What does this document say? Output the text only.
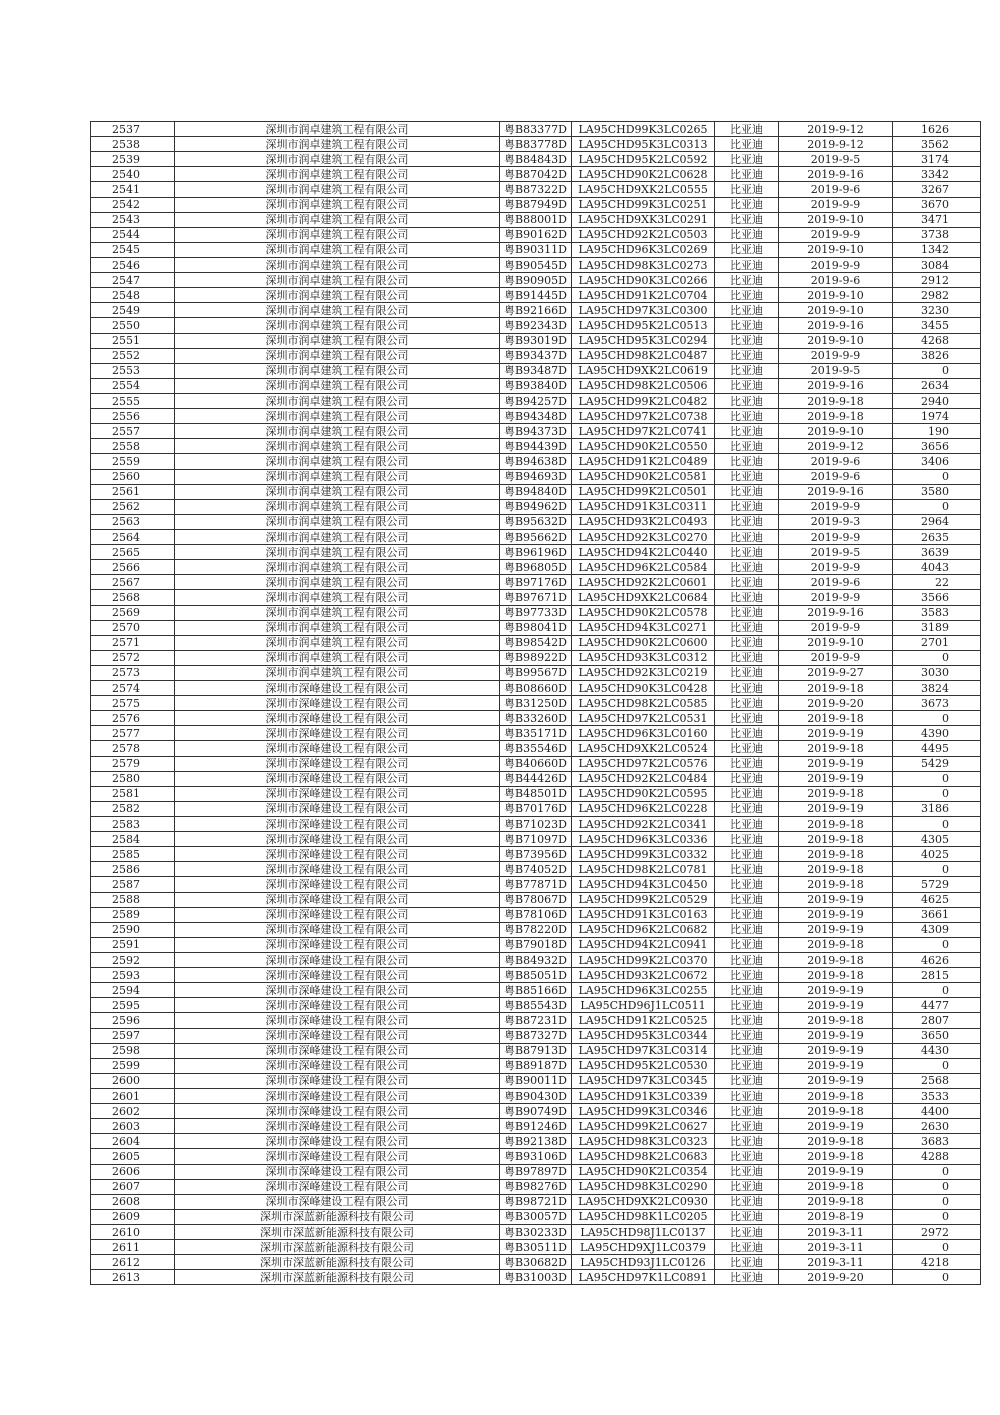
2537	深圳市润卓建筑工程有限公司	粤B83377D	LA95CHD99K3LC0265	比亚迪	2019-9-12	1626
2538	深圳市润卓建筑工程有限公司	粤B83778D	LA95CHD95K3LC0313	比亚迪	2019-9-12	3562
2539	深圳市润卓建筑工程有限公司	粤B84843D	LA95CHD95K2LC0592	比亚迪	2019-9-5	3174
2540	深圳市润卓建筑工程有限公司	粤B87042D	LA95CHD90K2LC0628	比亚迪	2019-9-16	3342
2541	深圳市润卓建筑工程有限公司	粤B87322D	LA95CHD9XK2LC0555	比亚迪	2019-9-6	3267
2542	深圳市润卓建筑工程有限公司	粤B87949D	LA95CHD99K3LC0251	比亚迪	2019-9-9	3670
2543	深圳市润卓建筑工程有限公司	粤B88001D	LA95CHD9XK3LC0291	比亚迪	2019-9-10	3471
2544	深圳市润卓建筑工程有限公司	粤B90162D	LA95CHD92K2LC0503	比亚迪	2019-9-9	3738
2545	深圳市润卓建筑工程有限公司	粤B90311D	LA95CHD96K3LC0269	比亚迪	2019-9-10	1342
2546	深圳市润卓建筑工程有限公司	粤B90545D	LA95CHD98K3LC0273	比亚迪	2019-9-9	3084
2547	深圳市润卓建筑工程有限公司	粤B90905D	LA95CHD90K3LC0266	比亚迪	2019-9-6	2912
2548	深圳市润卓建筑工程有限公司	粤B91445D	LA95CHD91K2LC0704	比亚迪	2019-9-10	2982
2549	深圳市润卓建筑工程有限公司	粤B92166D	LA95CHD97K3LC0300	比亚迪	2019-9-10	3230
2550	深圳市润卓建筑工程有限公司	粤B92343D	LA95CHD95K2LC0513	比亚迪	2019-9-16	3455
2551	深圳市润卓建筑工程有限公司	粤B93019D	LA95CHD95K3LC0294	比亚迪	2019-9-10	4268
2552	深圳市润卓建筑工程有限公司	粤B93437D	LA95CHD98K2LC0487	比亚迪	2019-9-9	3826
2553	深圳市润卓建筑工程有限公司	粤B93487D	LA95CHD9XK2LC0619	比亚迪	2019-9-5	0
2554	深圳市润卓建筑工程有限公司	粤B93840D	LA95CHD98K2LC0506	比亚迪	2019-9-16	2634
2555	深圳市润卓建筑工程有限公司	粤B94257D	LA95CHD99K2LC0482	比亚迪	2019-9-18	2940
2556	深圳市润卓建筑工程有限公司	粤B94348D	LA95CHD97K2LC0738	比亚迪	2019-9-18	1974
2557	深圳市润卓建筑工程有限公司	粤B94373D	LA95CHD97K2LC0741	比亚迪	2019-9-10	190
2558	深圳市润卓建筑工程有限公司	粤B94439D	LA95CHD90K2LC0550	比亚迪	2019-9-12	3656
2559	深圳市润卓建筑工程有限公司	粤B94638D	LA95CHD91K2LC0489	比亚迪	2019-9-6	3406
2560	深圳市润卓建筑工程有限公司	粤B94693D	LA95CHD90K2LC0581	比亚迪	2019-9-6	0
2561	深圳市润卓建筑工程有限公司	粤B94840D	LA95CHD99K2LC0501	比亚迪	2019-9-16	3580
2562	深圳市润卓建筑工程有限公司	粤B94962D	LA95CHD91K3LC0311	比亚迪	2019-9-9	0
2563	深圳市润卓建筑工程有限公司	粤B95632D	LA95CHD93K2LC0493	比亚迪	2019-9-3	2964
2564	深圳市润卓建筑工程有限公司	粤B95662D	LA95CHD92K3LC0270	比亚迪	2019-9-9	2635
2565	深圳市润卓建筑工程有限公司	粤B96196D	LA95CHD94K2LC0440	比亚迪	2019-9-5	3639
2566	深圳市润卓建筑工程有限公司	粤B96805D	LA95CHD96K2LC0584	比亚迪	2019-9-9	4043
2567	深圳市润卓建筑工程有限公司	粤B97176D	LA95CHD92K2LC0601	比亚迪	2019-9-6	22
2568	深圳市润卓建筑工程有限公司	粤B97671D	LA95CHD9XK2LC0684	比亚迪	2019-9-9	3566
2569	深圳市润卓建筑工程有限公司	粤B97733D	LA95CHD90K2LC0578	比亚迪	2019-9-16	3583
2570	深圳市润卓建筑工程有限公司	粤B98041D	LA95CHD94K3LC0271	比亚迪	2019-9-9	3189
2571	深圳市润卓建筑工程有限公司	粤B98542D	LA95CHD90K2LC0600	比亚迪	2019-9-10	2701
2572	深圳市润卓建筑工程有限公司	粤B98922D	LA95CHD93K3LC0312	比亚迪	2019-9-9	0
2573	深圳市润卓建筑工程有限公司	粤B99567D	LA95CHD92K3LC0219	比亚迪	2019-9-27	3030
2574	深圳市深峰建设工程有限公司	粤B08660D	LA95CHD90K3LC0428	比亚迪	2019-9-18	3824
2575	深圳市深峰建设工程有限公司	粤B31250D	LA95CHD98K2LC0585	比亚迪	2019-9-20	3673
2576	深圳市深峰建设工程有限公司	粤B33260D	LA95CHD97K2LC0531	比亚迪	2019-9-18	0
2577	深圳市深峰建设工程有限公司	粤B35171D	LA95CHD96K3LC0160	比亚迪	2019-9-19	4390
2578	深圳市深峰建设工程有限公司	粤B35546D	LA95CHD9XK2LC0524	比亚迪	2019-9-18	4495
2579	深圳市深峰建设工程有限公司	粤B40660D	LA95CHD97K2LC0576	比亚迪	2019-9-19	5429
2580	深圳市深峰建设工程有限公司	粤B44426D	LA95CHD92K2LC0484	比亚迪	2019-9-19	0
2581	深圳市深峰建设工程有限公司	粤B48501D	LA95CHD90K2LC0595	比亚迪	2019-9-18	0
2582	深圳市深峰建设工程有限公司	粤B70176D	LA95CHD96K2LC0228	比亚迪	2019-9-19	3186
2583	深圳市深峰建设工程有限公司	粤B71023D	LA95CHD92K2LC0341	比亚迪	2019-9-18	0
2584	深圳市深峰建设工程有限公司	粤B71097D	LA95CHD96K3LC0336	比亚迪	2019-9-18	4305
2585	深圳市深峰建设工程有限公司	粤B73956D	LA95CHD99K3LC0332	比亚迪	2019-9-18	4025
2586	深圳市深峰建设工程有限公司	粤B74052D	LA95CHD98K2LC0781	比亚迪	2019-9-18	0
2587	深圳市深峰建设工程有限公司	粤B77871D	LA95CHD94K3LC0450	比亚迪	2019-9-18	5729
2588	深圳市深峰建设工程有限公司	粤B78067D	LA95CHD99K2LC0529	比亚迪	2019-9-19	4625
2589	深圳市深峰建设工程有限公司	粤B78106D	LA95CHD91K3LC0163	比亚迪	2019-9-19	3661
2590	深圳市深峰建设工程有限公司	粤B78220D	LA95CHD96K2LC0682	比亚迪	2019-9-19	4309
2591	深圳市深峰建设工程有限公司	粤B79018D	LA95CHD94K2LC0941	比亚迪	2019-9-18	0
2592	深圳市深峰建设工程有限公司	粤B84932D	LA95CHD99K2LC0370	比亚迪	2019-9-18	4626
2593	深圳市深峰建设工程有限公司	粤B85051D	LA95CHD93K2LC0672	比亚迪	2019-9-18	2815
2594	深圳市深峰建设工程有限公司	粤B85166D	LA95CHD96K3LC0255	比亚迪	2019-9-19	0
2595	深圳市深峰建设工程有限公司	粤B85543D	LA95CHD96J1LC0511	比亚迪	2019-9-19	4477
2596	深圳市深峰建设工程有限公司	粤B87231D	LA95CHD91K2LC0525	比亚迪	2019-9-18	2807
2597	深圳市深峰建设工程有限公司	粤B87327D	LA95CHD95K3LC0344	比亚迪	2019-9-19	3650
2598	深圳市深峰建设工程有限公司	粤B87913D	LA95CHD97K3LC0314	比亚迪	2019-9-19	4430
2599	深圳市深峰建设工程有限公司	粤B89187D	LA95CHD95K2LC0530	比亚迪	2019-9-19	0
2600	深圳市深峰建设工程有限公司	粤B90011D	LA95CHD97K3LC0345	比亚迪	2019-9-19	2568
2601	深圳市深峰建设工程有限公司	粤B90430D	LA95CHD91K3LC0339	比亚迪	2019-9-18	3533
2602	深圳市深峰建设工程有限公司	粤B90749D	LA95CHD99K3LC0346	比亚迪	2019-9-18	4400
2603	深圳市深峰建设工程有限公司	粤B91246D	LA95CHD99K2LC0627	比亚迪	2019-9-19	2630
2604	深圳市深峰建设工程有限公司	粤B92138D	LA95CHD98K3LC0323	比亚迪	2019-9-18	3683
2605	深圳市深峰建设工程有限公司	粤B93106D	LA95CHD98K2LC0683	比亚迪	2019-9-18	4288
2606	深圳市深峰建设工程有限公司	粤B97897D	LA95CHD90K2LC0354	比亚迪	2019-9-19	0
2607	深圳市深峰建设工程有限公司	粤B98276D	LA95CHD98K3LC0290	比亚迪	2019-9-18	0
2608	深圳市深峰建设工程有限公司	粤B98721D	LA95CHD9XK2LC0930	比亚迪	2019-9-18	0
2609	深圳市深蓝新能源科技有限公司	粤B30057D	LA95CHD98K1LC0205	比亚迪	2019-8-19	0
2610	深圳市深蓝新能源科技有限公司	粤B30233D	LA95CHD98J1LC0137	比亚迪	2019-3-11	2972
2611	深圳市深蓝新能源科技有限公司	粤B30511D	LA95CHD9XJ1LC0379	比亚迪	2019-3-11	0
2612	深圳市深蓝新能源科技有限公司	粤B30682D	LA95CHD93J1LC0126	比亚迪	2019-3-11	4218
2613	深圳市深蓝新能源科技有限公司	粤B31003D	LA95CHD97K1LC0891	比亚迪	2019-9-20	0
